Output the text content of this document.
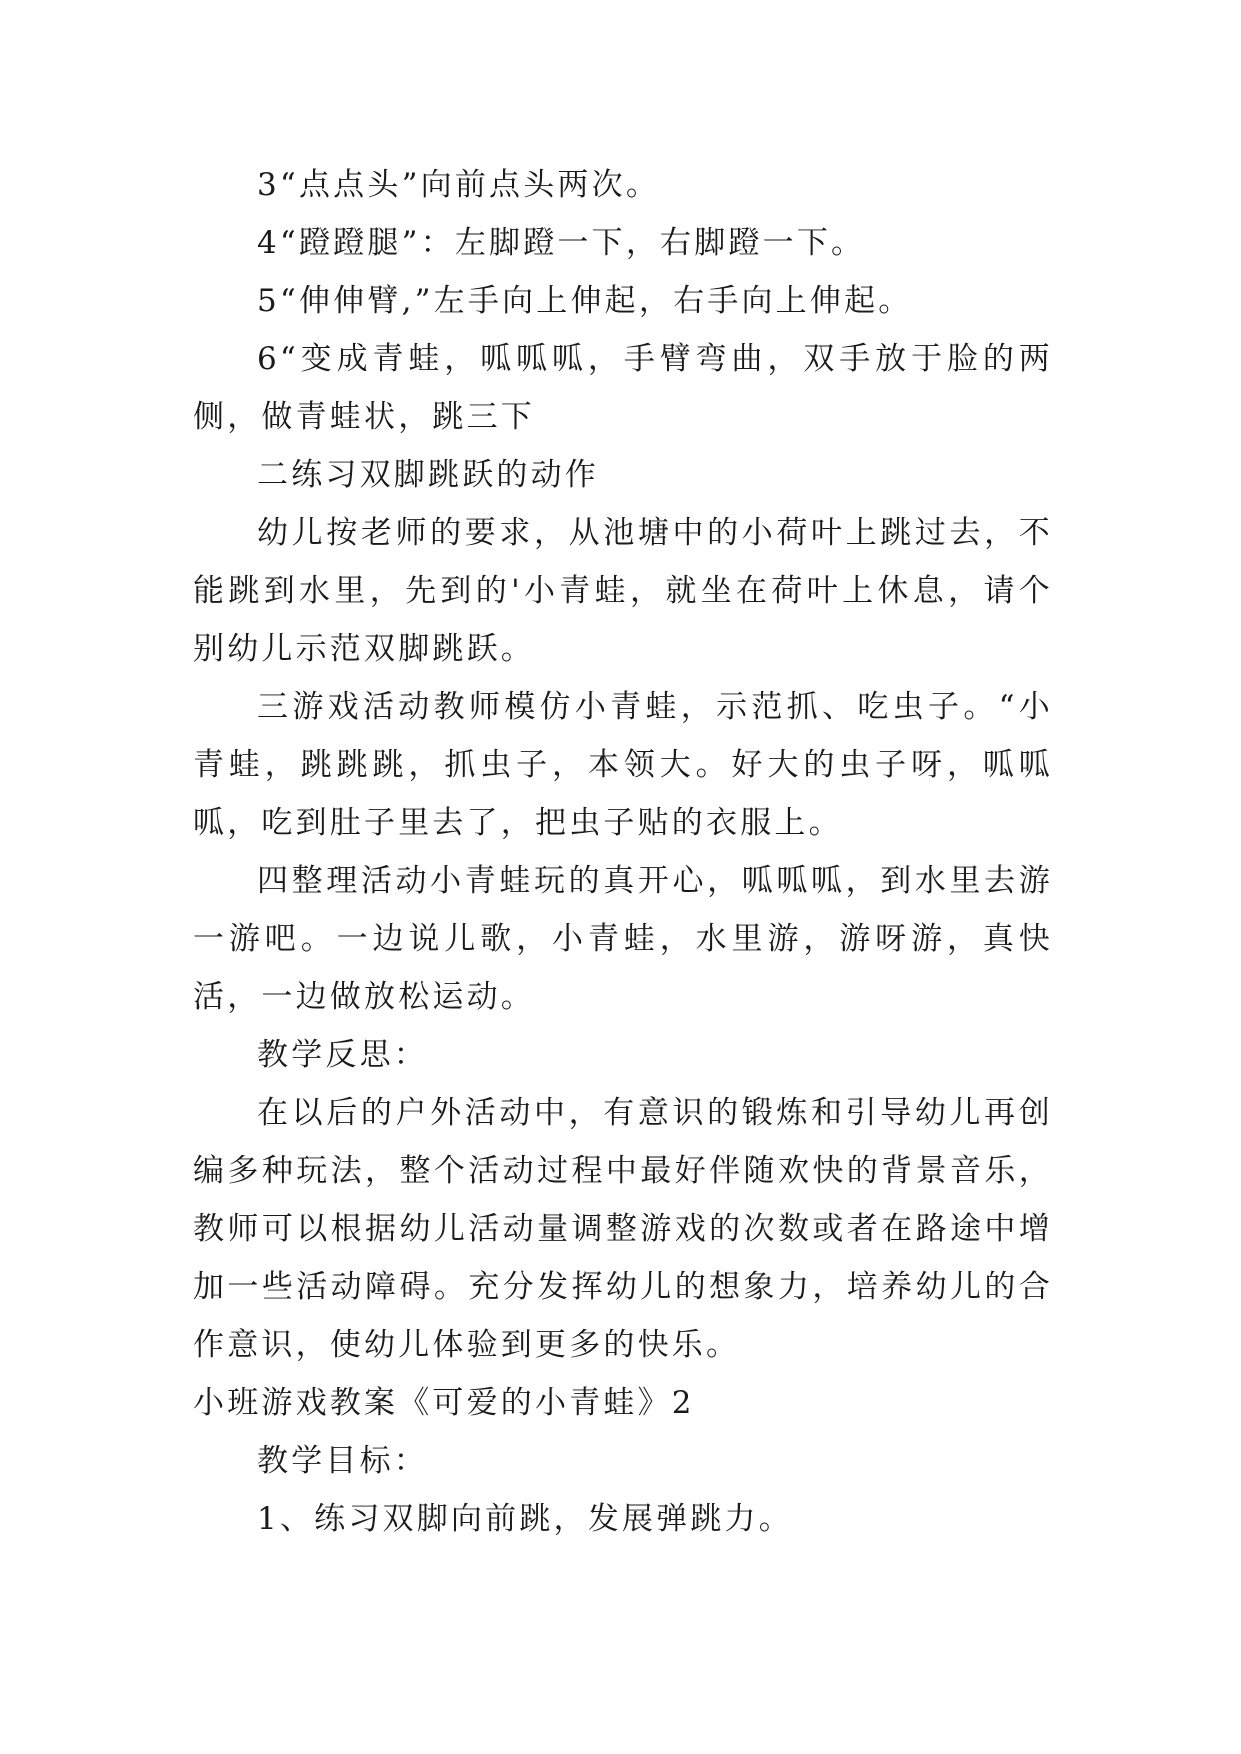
3“点点头”向前点头两次。

4“蹬蹬腿”：左脚蹬一下，右脚蹬一下。

5“伸伸臂,”左手向上伸起，右手向上伸起。

6“变成青蛙，呱呱呱，手臂弯曲，双手放于脸的两侧，做青蛙状，跳三下

二练习双脚跳跃的动作

幼儿按老师的要求，从池塘中的小荷叶上跳过去，不能跳到水里，先到的'小青蛙，就坐在荷叶上休息，请个别幼儿示范双脚跳跃。

三游戏活动教师模仿小青蛙，示范抓、吃虫子。“小青蛙，跳跳跳，抓虫子，本领大。好大的虫子呀，呱呱呱，吃到肚子里去了，把虫子贴的衣服上。

四整理活动小青蛙玩的真开心，呱呱呱，到水里去游一游吧。一边说儿歌，小青蛙，水里游，游呀游，真快活，一边做放松运动。

教学反思：

在以后的户外活动中，有意识的锻炼和引导幼儿再创编多种玩法，整个活动过程中最好伴随欢快的背景音乐，教师可以根据幼儿活动量调整游戏的次数或者在路途中增加一些活动障碍。充分发挥幼儿的想象力，培养幼儿的合作意识，使幼儿体验到更多的快乐。

小班游戏教案《可爱的小青蛙》2

教学目标：

1、练习双脚向前跳，发展弹跳力。
